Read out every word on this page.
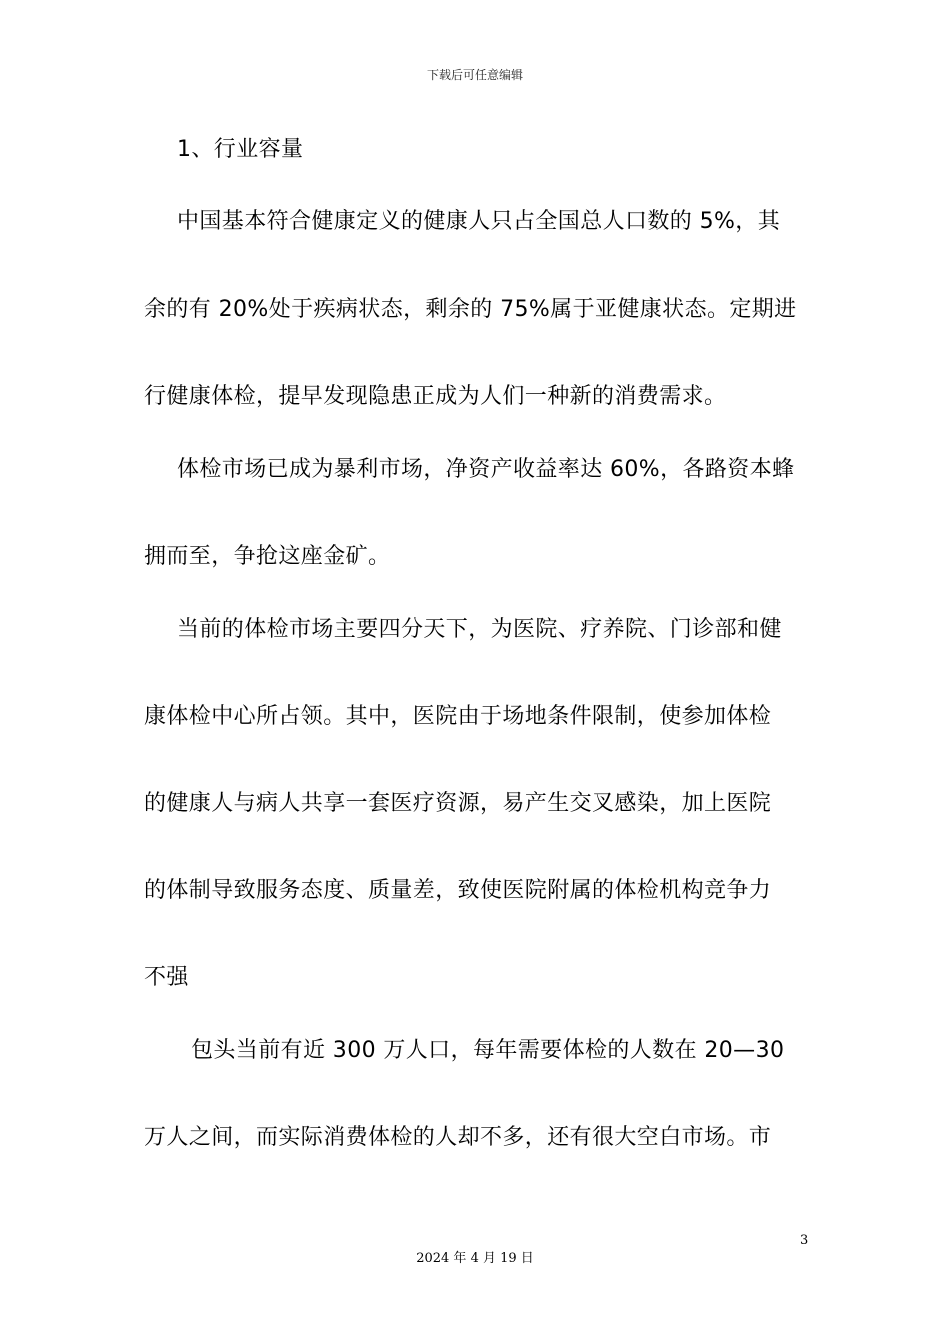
下载后可任意编辑
1、行业容量
中国基本符合健康定义的健康人只占全国总人口数的 5%，其
余的有 20%处于疾病状态，剩余的 75%属于亚健康状态。定期进
行健康体检，提早发现隐患正成为人们一种新的消费需求。
体检市场已成为暴利市场，净资产收益率达 60%，各路资本蜂
拥而至，争抢这座金矿。
当前的体检市场主要四分天下，为医院、疗养院、门诊部和健
康体检中心所占领。其中，医院由于场地条件限制，使参加体检
的健康人与病人共享一套医疗资源，易产生交叉感染，加上医院
的体制导致服务态度、质量差，致使医院附属的体检机构竞争力
不强
包头当前有近 300 万人口，每年需要体检的人数在 20—30
万人之间，而实际消费体检的人却不多，还有很大空白市场。市
3
2024 年 4 月 19 日
